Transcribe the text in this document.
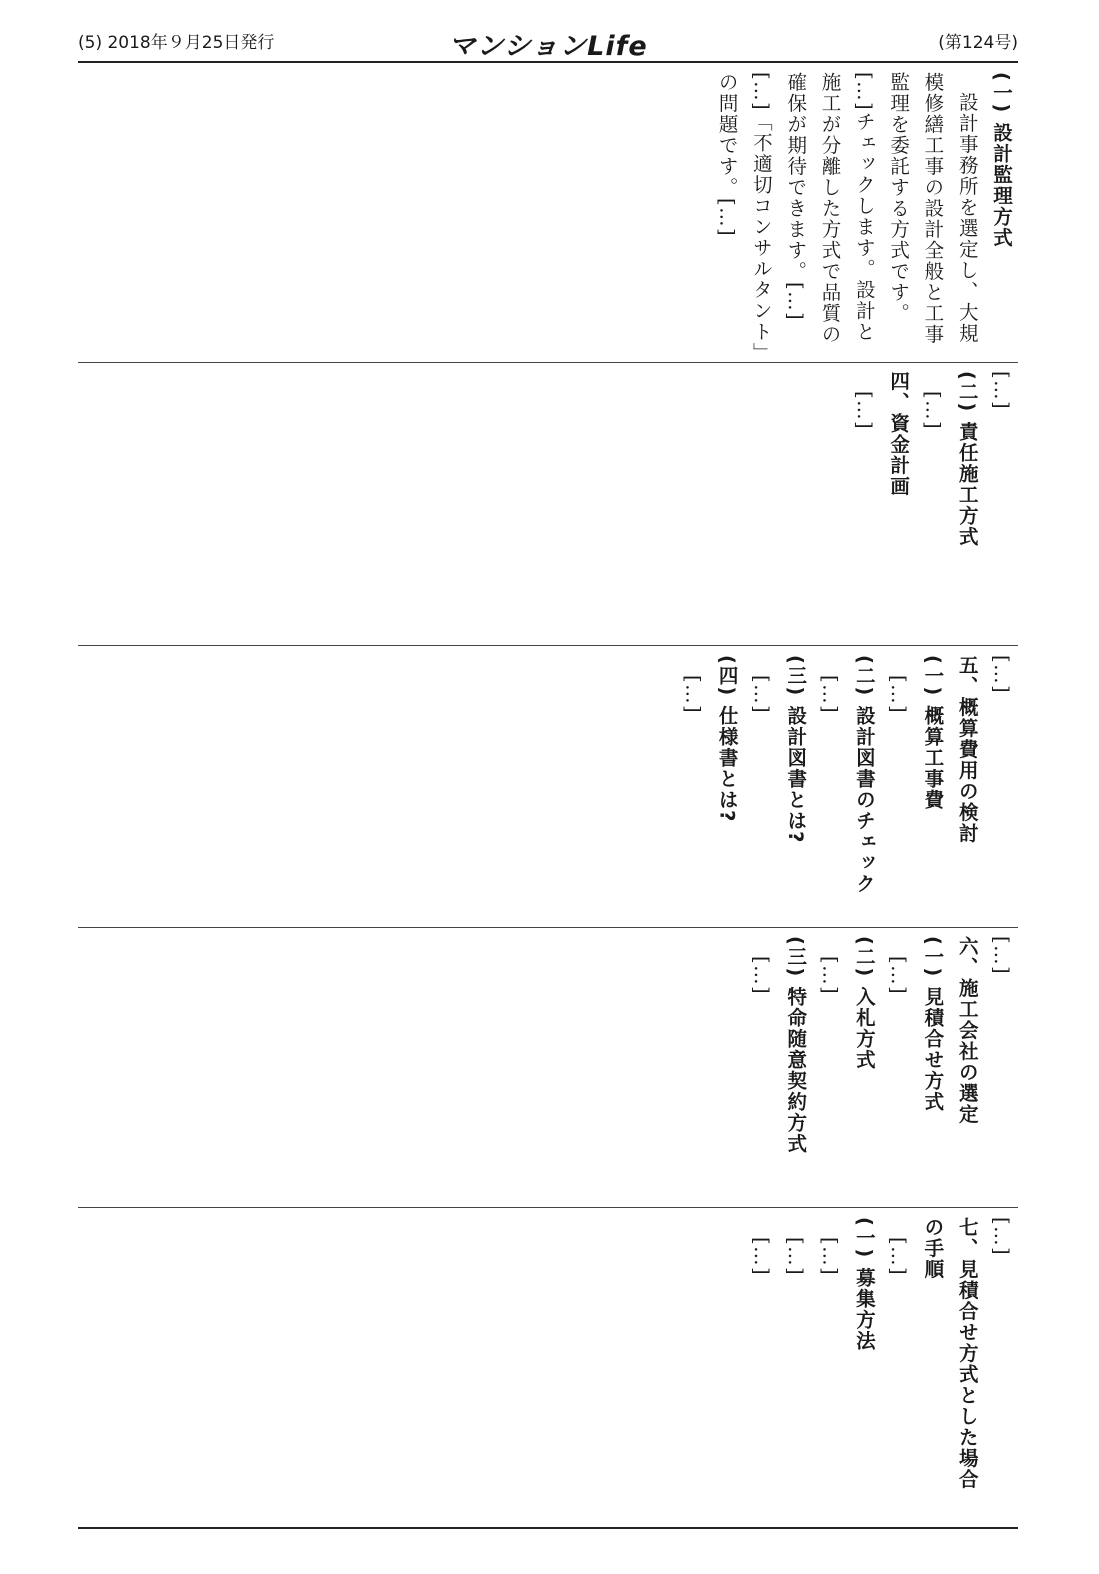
(5) 2018年９月25日発行	マンションLife	(第124号)
(一) 設計監理方式

設計事務所を選定し、大規模修繕工事の設計全般と工事監理を委託する方式です。[…]チェックします。設計と施工が分離した方式で品質の確保が期待できます。[…]

[…]「不適切コンサルタント」の問題です。[…]

[…]

(二) 責任施工方式

[…]

四、資金計画

[…]

[…]

五、概算費用の検討
(一) 概算工事費

[…]

(二) 設計図書のチェック

[…]

(三) 設計図書とは?

[…]

(四) 仕様書とは?

[…]

[…]

六、施工会社の選定
(一) 見積合せ方式

[…]

(二) 入札方式

[…]

(三) 特命随意契約方式

[…]

[…]

七、見積合せ方式とした場合の手順

[…]

(一) 募集方法

[…]

[…]

[…]
